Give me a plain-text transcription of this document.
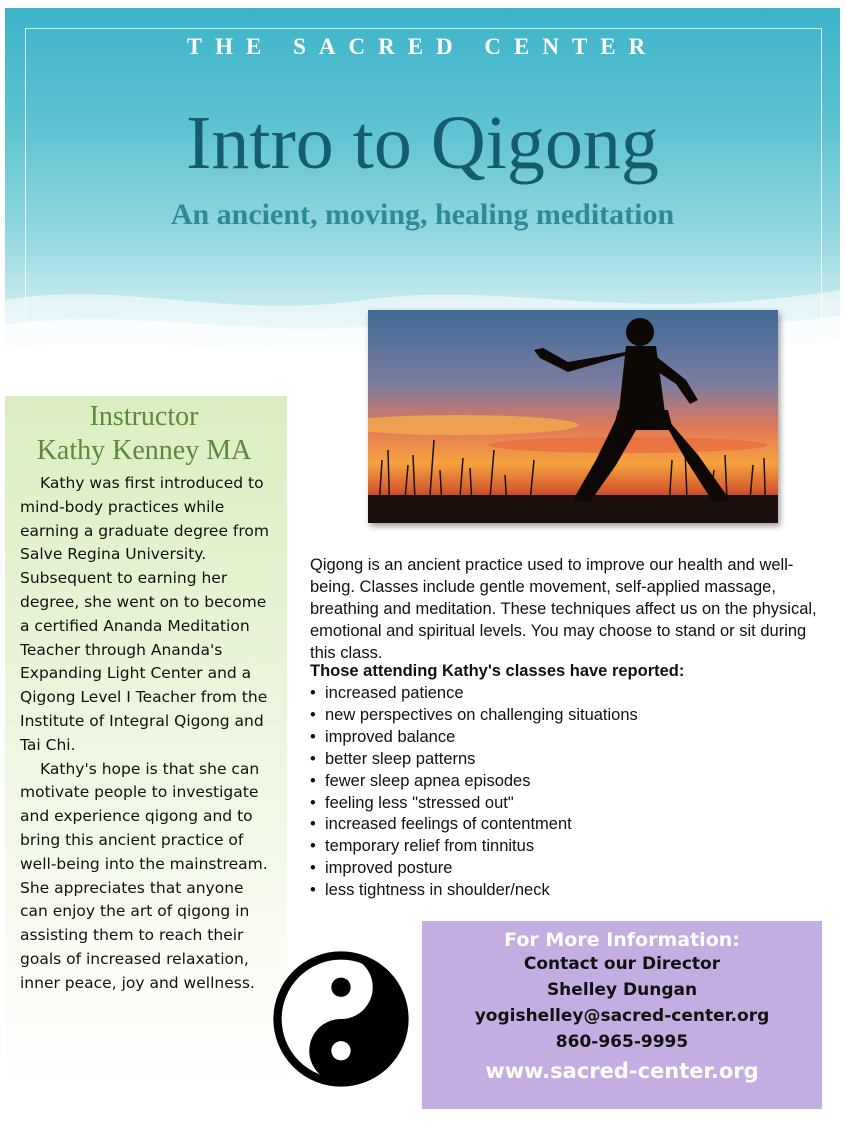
THE SACRED CENTER
Intro to Qigong
An ancient, moving, healing meditation
Instructor
Kathy Kenney MA

Kathy was first introduced to mind-body practices while earning a graduate degree from Salve Regina University. Subsequent to earning her degree, she went on to become a certified Ananda Meditation Teacher through Ananda's Expanding Light Center and a Qigong Level I Teacher from the Institute of Integral Qigong and Tai Chi.

Kathy's hope is that she can motivate people to investigate and experience qigong and to bring this ancient practice of well-being into the mainstream. She appreciates that anyone can enjoy the art of qigong in assisting them to reach their goals of increased relaxation, inner peace, joy and wellness.

Qigong is an ancient practice used to improve our health and well-being. Classes include gentle movement, self-applied massage, breathing and meditation. These techniques affect us on the physical, emotional and spiritual levels. You may choose to stand or sit during this class.

Those attending Kathy's classes have reported:
• increased patience
• new perspectives on challenging situations
• improved balance
• better sleep patterns
• fewer sleep apnea episodes
• feeling less "stressed out"
• increased feelings of contentment
• temporary relief from tinnitus
• improved posture
• less tightness in shoulder/neck
For More Information:
Contact our Director
Shelley Dungan
yogishelley@sacred-center.org
860-965-9995
www.sacred-center.org
